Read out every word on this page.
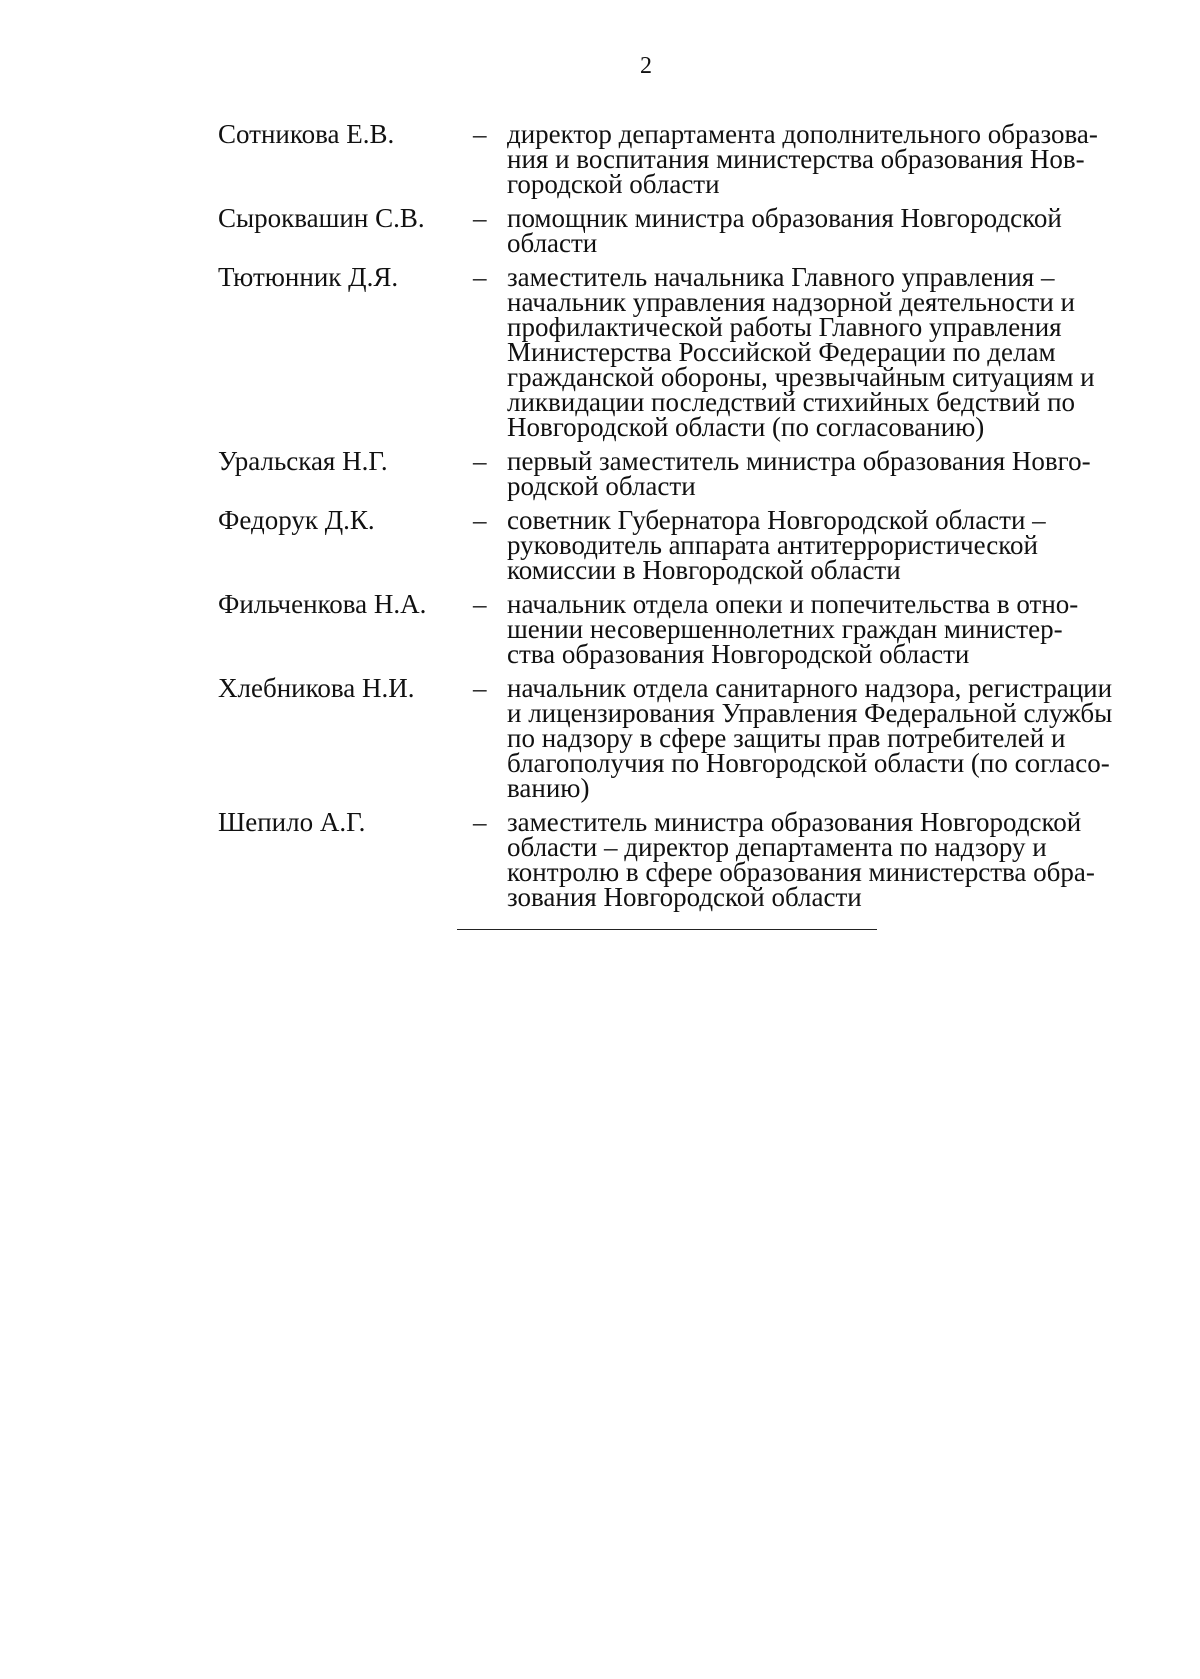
2
Сотникова Е.В.	– директор департамента дополнительного образова-
ния и воспитания министерства образования Нов-
городской области
Сыроквашин С.В.	– помощник министра образования Новгородской
области
Тютюнник Д.Я.	– заместитель начальника Главного управления –
начальник управления надзорной деятельности и
профилактической работы Главного управления
Министерства Российской Федерации по делам
гражданской обороны, чрезвычайным ситуациям и
ликвидации последствий стихийных бедствий по
Новгородской области (по согласованию)
Уральская Н.Г.	– первый заместитель министра образования Новго-
родской области
Федорук Д.К.	– советник Губернатора Новгородской области –
руководитель аппарата антитеррористической
комиссии в Новгородской области
Фильченкова Н.А.	– начальник отдела опеки и попечительства в отно-
шении несовершеннолетних граждан министер-
ства образования Новгородской области
Хлебникова Н.И.	– начальник отдела санитарного надзора, регистрации
и лицензирования Управления Федеральной службы
по надзору в сфере защиты прав потребителей и
благополучия по Новгородской области (по согласо-
ванию)
Шепило А.Г.	– заместитель министра образования Новгородской
области – директор департамента по надзору и
контролю в сфере образования министерства обра-
зования Новгородской области
